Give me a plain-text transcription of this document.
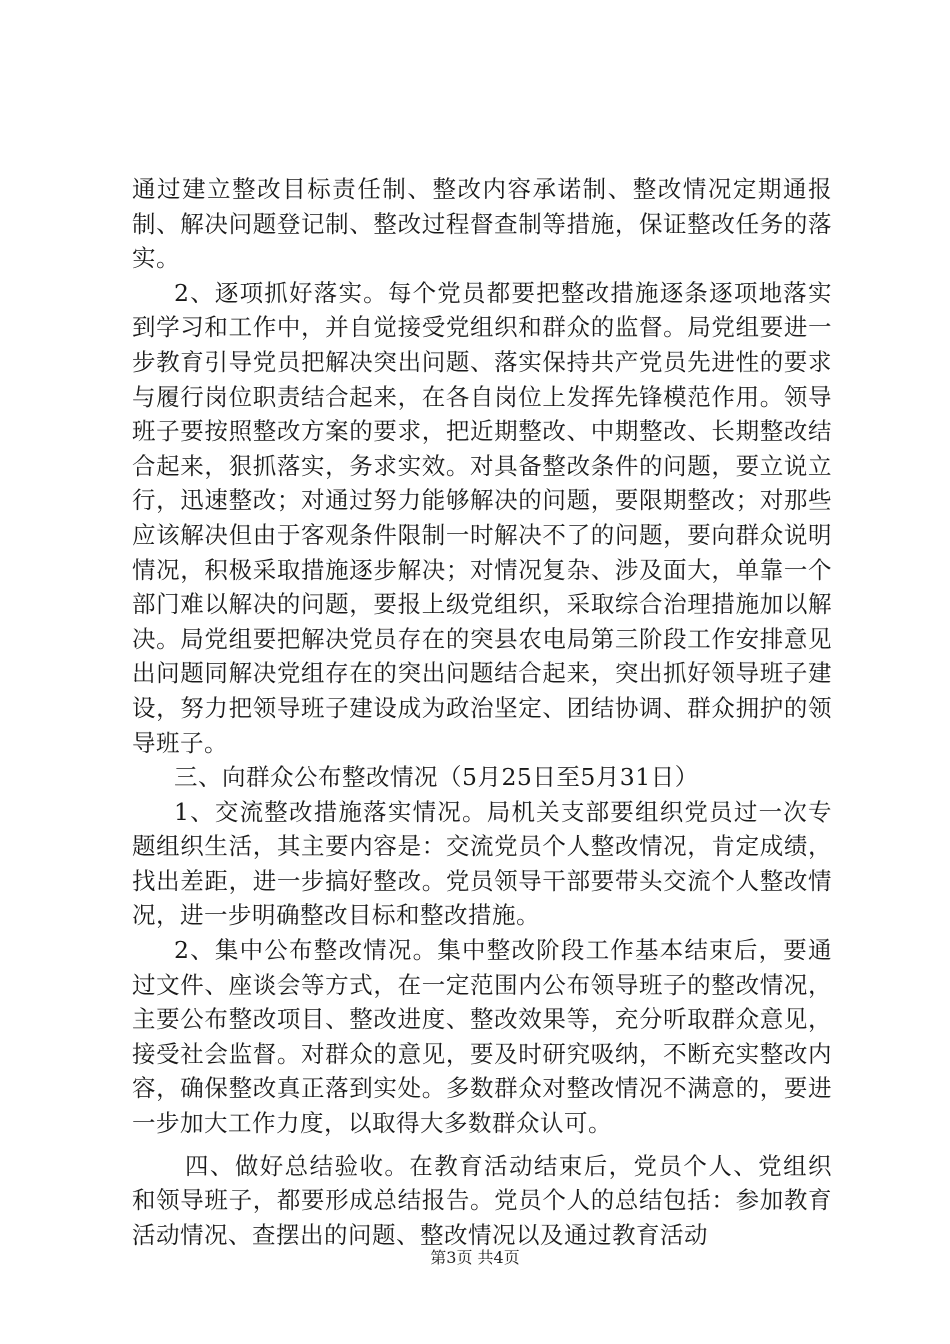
通过建立整改目标责任制、整改内容承诺制、整改情况定期通报制、解决问题登记制、整改过程督查制等措施，保证整改任务的落实。

2、逐项抓好落实。每个党员都要把整改措施逐条逐项地落实到学习和工作中，并自觉接受党组织和群众的监督。局党组要进一步教育引导党员把解决突出问题、落实保持共产党员先进性的要求与履行岗位职责结合起来，在各自岗位上发挥先锋模范作用。领导班子要按照整改方案的要求，把近期整改、中期整改、长期整改结合起来，狠抓落实，务求实效。对具备整改条件的问题，要立说立行，迅速整改；对通过努力能够解决的问题，要限期整改；对那些应该解决但由于客观条件限制一时解决不了的问题，要向群众说明情况，积极采取措施逐步解决；对情况复杂、涉及面大，单靠一个部门难以解决的问题，要报上级党组织，采取综合治理措施加以解决。局党组要把解决党员存在的突县农电局第三阶段工作安排意见出问题同解决党组存在的突出问题结合起来，突出抓好领导班子建设，努力把领导班子建设成为政治坚定、团结协调、群众拥护的领导班子。

三、向群众公布整改情况（5月25日至5月31日）

1、交流整改措施落实情况。局机关支部要组织党员过一次专题组织生活，其主要内容是：交流党员个人整改情况，肯定成绩，找出差距，进一步搞好整改。党员领导干部要带头交流个人整改情况，进一步明确整改目标和整改措施。

2、集中公布整改情况。集中整改阶段工作基本结束后，要通过文件、座谈会等方式，在一定范围内公布领导班子的整改情况，主要公布整改项目、整改进度、整改效果等，充分听取群众意见，接受社会监督。对群众的意见，要及时研究吸纳，不断充实整改内容，确保整改真正落到实处。多数群众对整改情况不满意的，要进一步加大工作力度，以取得大多数群众认可。

四、做好总结验收。在教育活动结束后，党员个人、党组织和领导班子，都要形成总结报告。党员个人的总结包括：参加教育活动情况、查摆出的问题、整改情况以及通过教育活动

第3页 共4页
